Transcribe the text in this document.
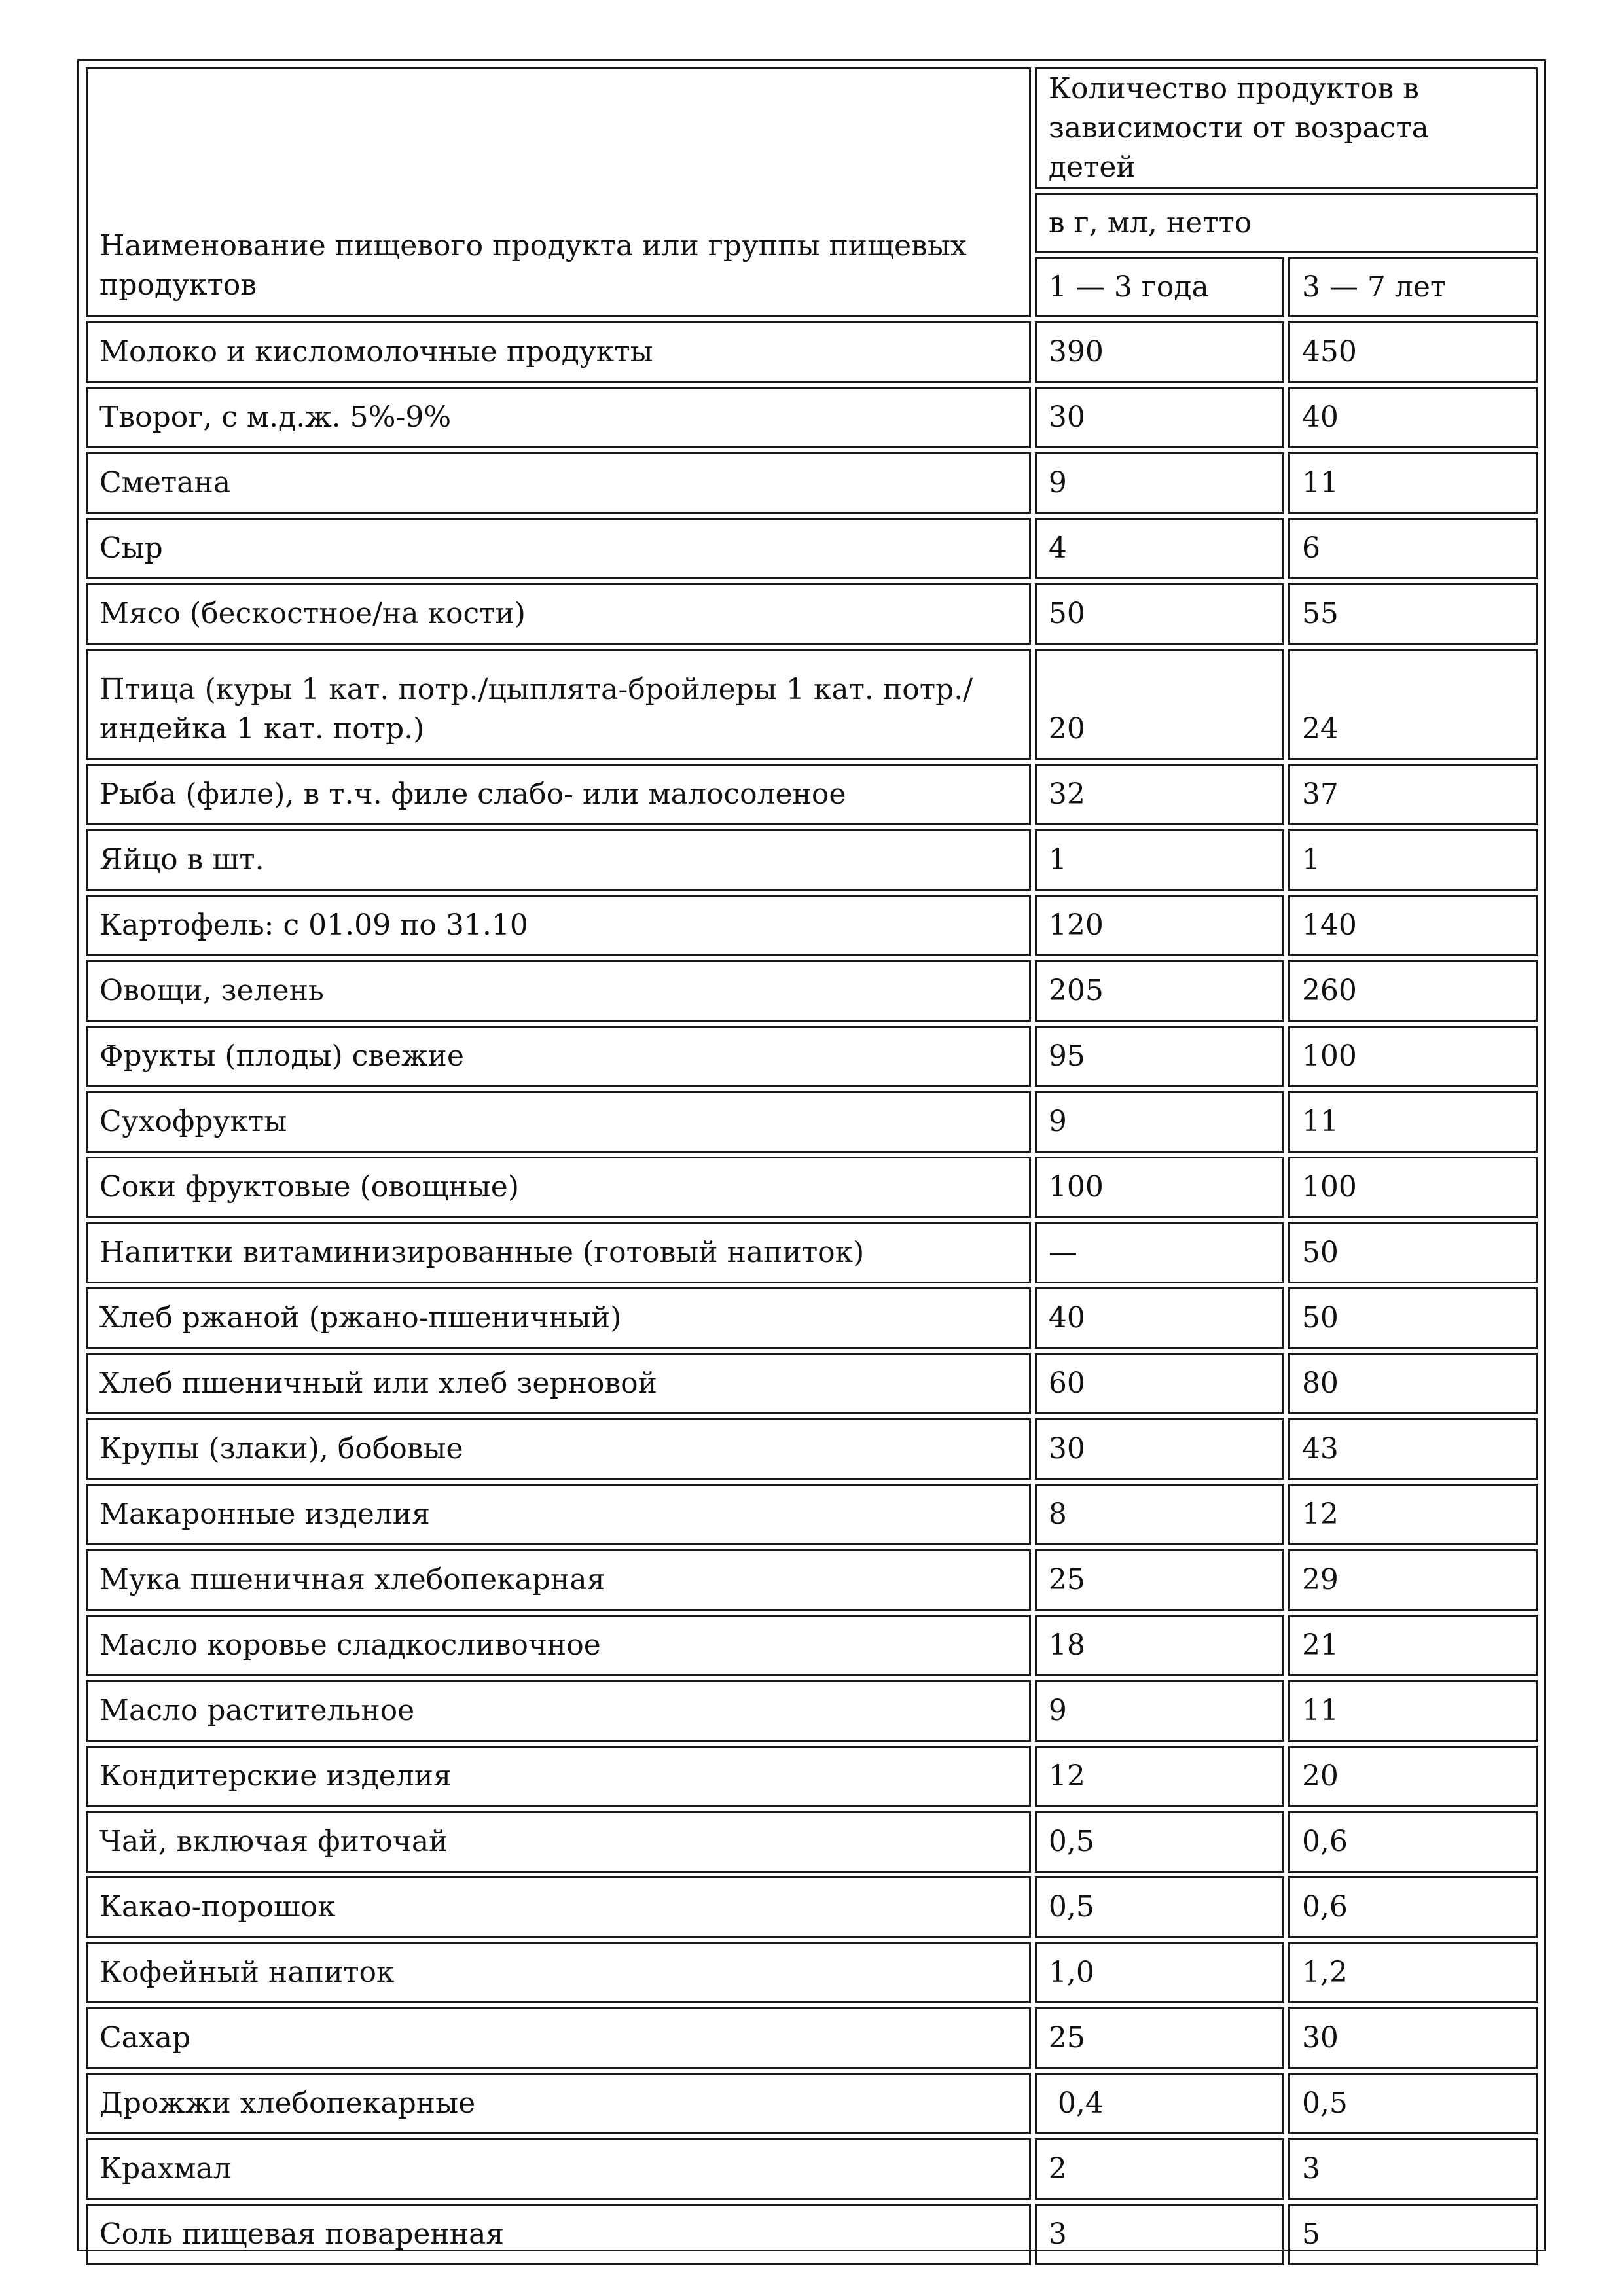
Наименование пищевого продукта или группы пищевых продуктов	Количество продуктов в зависимости от возраста детей	
	в г, мл, нетто	
	1 — 3 года	3 — 7 лет
Молоко и кисломолочные продукты	390	450
Творог, с м.д.ж. 5%-9%	30	40
Сметана	9	11
Сыр	4	6
Мясо (бескостное/на кости)	50	55
Птица (куры 1 кат. потр./цыплята-бройлеры 1 кат. потр./индейка 1 кат. потр.)	20	24
Рыба (филе), в т.ч. филе слабо- или малосоленое	32	37
Яйцо в шт.	1	1
Картофель: с 01.09 по 31.10	120	140
Овощи, зелень	205	260
Фрукты (плоды) свежие	95	100
Сухофрукты	9	11
Соки фруктовые (овощные)	100	100
Напитки витаминизированные (готовый напиток)	—	50
Хлеб ржаной (ржано-пшеничный)	40	50
Хлеб пшеничный или хлеб зерновой	60	80
Крупы (злаки), бобовые	30	43
Макаронные изделия	8	12
Мука пшеничная хлебопекарная	25	29
Масло коровье сладкосливочное	18	21
Масло растительное	9	11
Кондитерские изделия	12	20
Чай, включая фиточай	0,5	0,6
Какао-порошок	0,5	0,6
Кофейный напиток	1,0	1,2
Сахар	25	30
Дрожжи хлебопекарные	0,4	0,5
Крахмал	2	3
Соль пищевая поваренная	3	5
